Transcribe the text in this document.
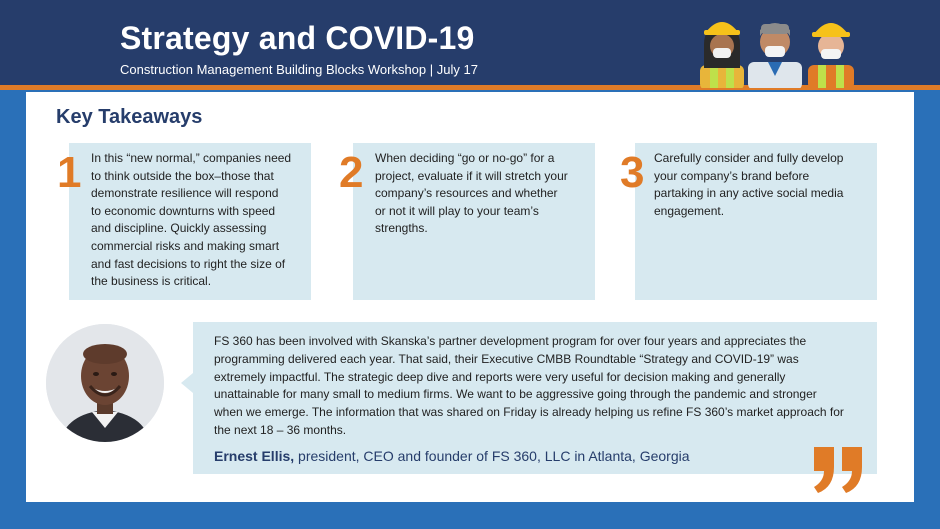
Strategy and COVID-19
Construction Management Building Blocks Workshop | July 17
Key Takeaways
1 In this “new normal,” companies need
to think outside the box–those that
demonstrate resilience will respond
to economic downturns with speed
and discipline. Quickly assessing
commercial risks and making smart
and fast decisions to right the size of
the business is critical.
2 When deciding “go or no-go” for a
project, evaluate if it will stretch your
company’s resources and whether
or not it will play to your team’s
strengths.
3 Carefully consider and fully develop
your company’s brand before
partaking in any active social media
engagement.
FS 360 has been involved with Skanska’s partner development program for over four years and appreciates the
programming delivered each year. That said, their Executive CMBB Roundtable “Strategy and COVID-19” was
extremely impactful. The strategic deep dive and reports were very useful for decision making and generally
unattainable for many small to medium firms. We want to be aggressive going through the pandemic and stronger
when we emerge. The information that was shared on Friday is already helping us refine FS 360’s market approach for
the next 18 – 36 months.
Ernest Ellis, president, CEO and founder of FS 360, LLC in Atlanta, Georgia
